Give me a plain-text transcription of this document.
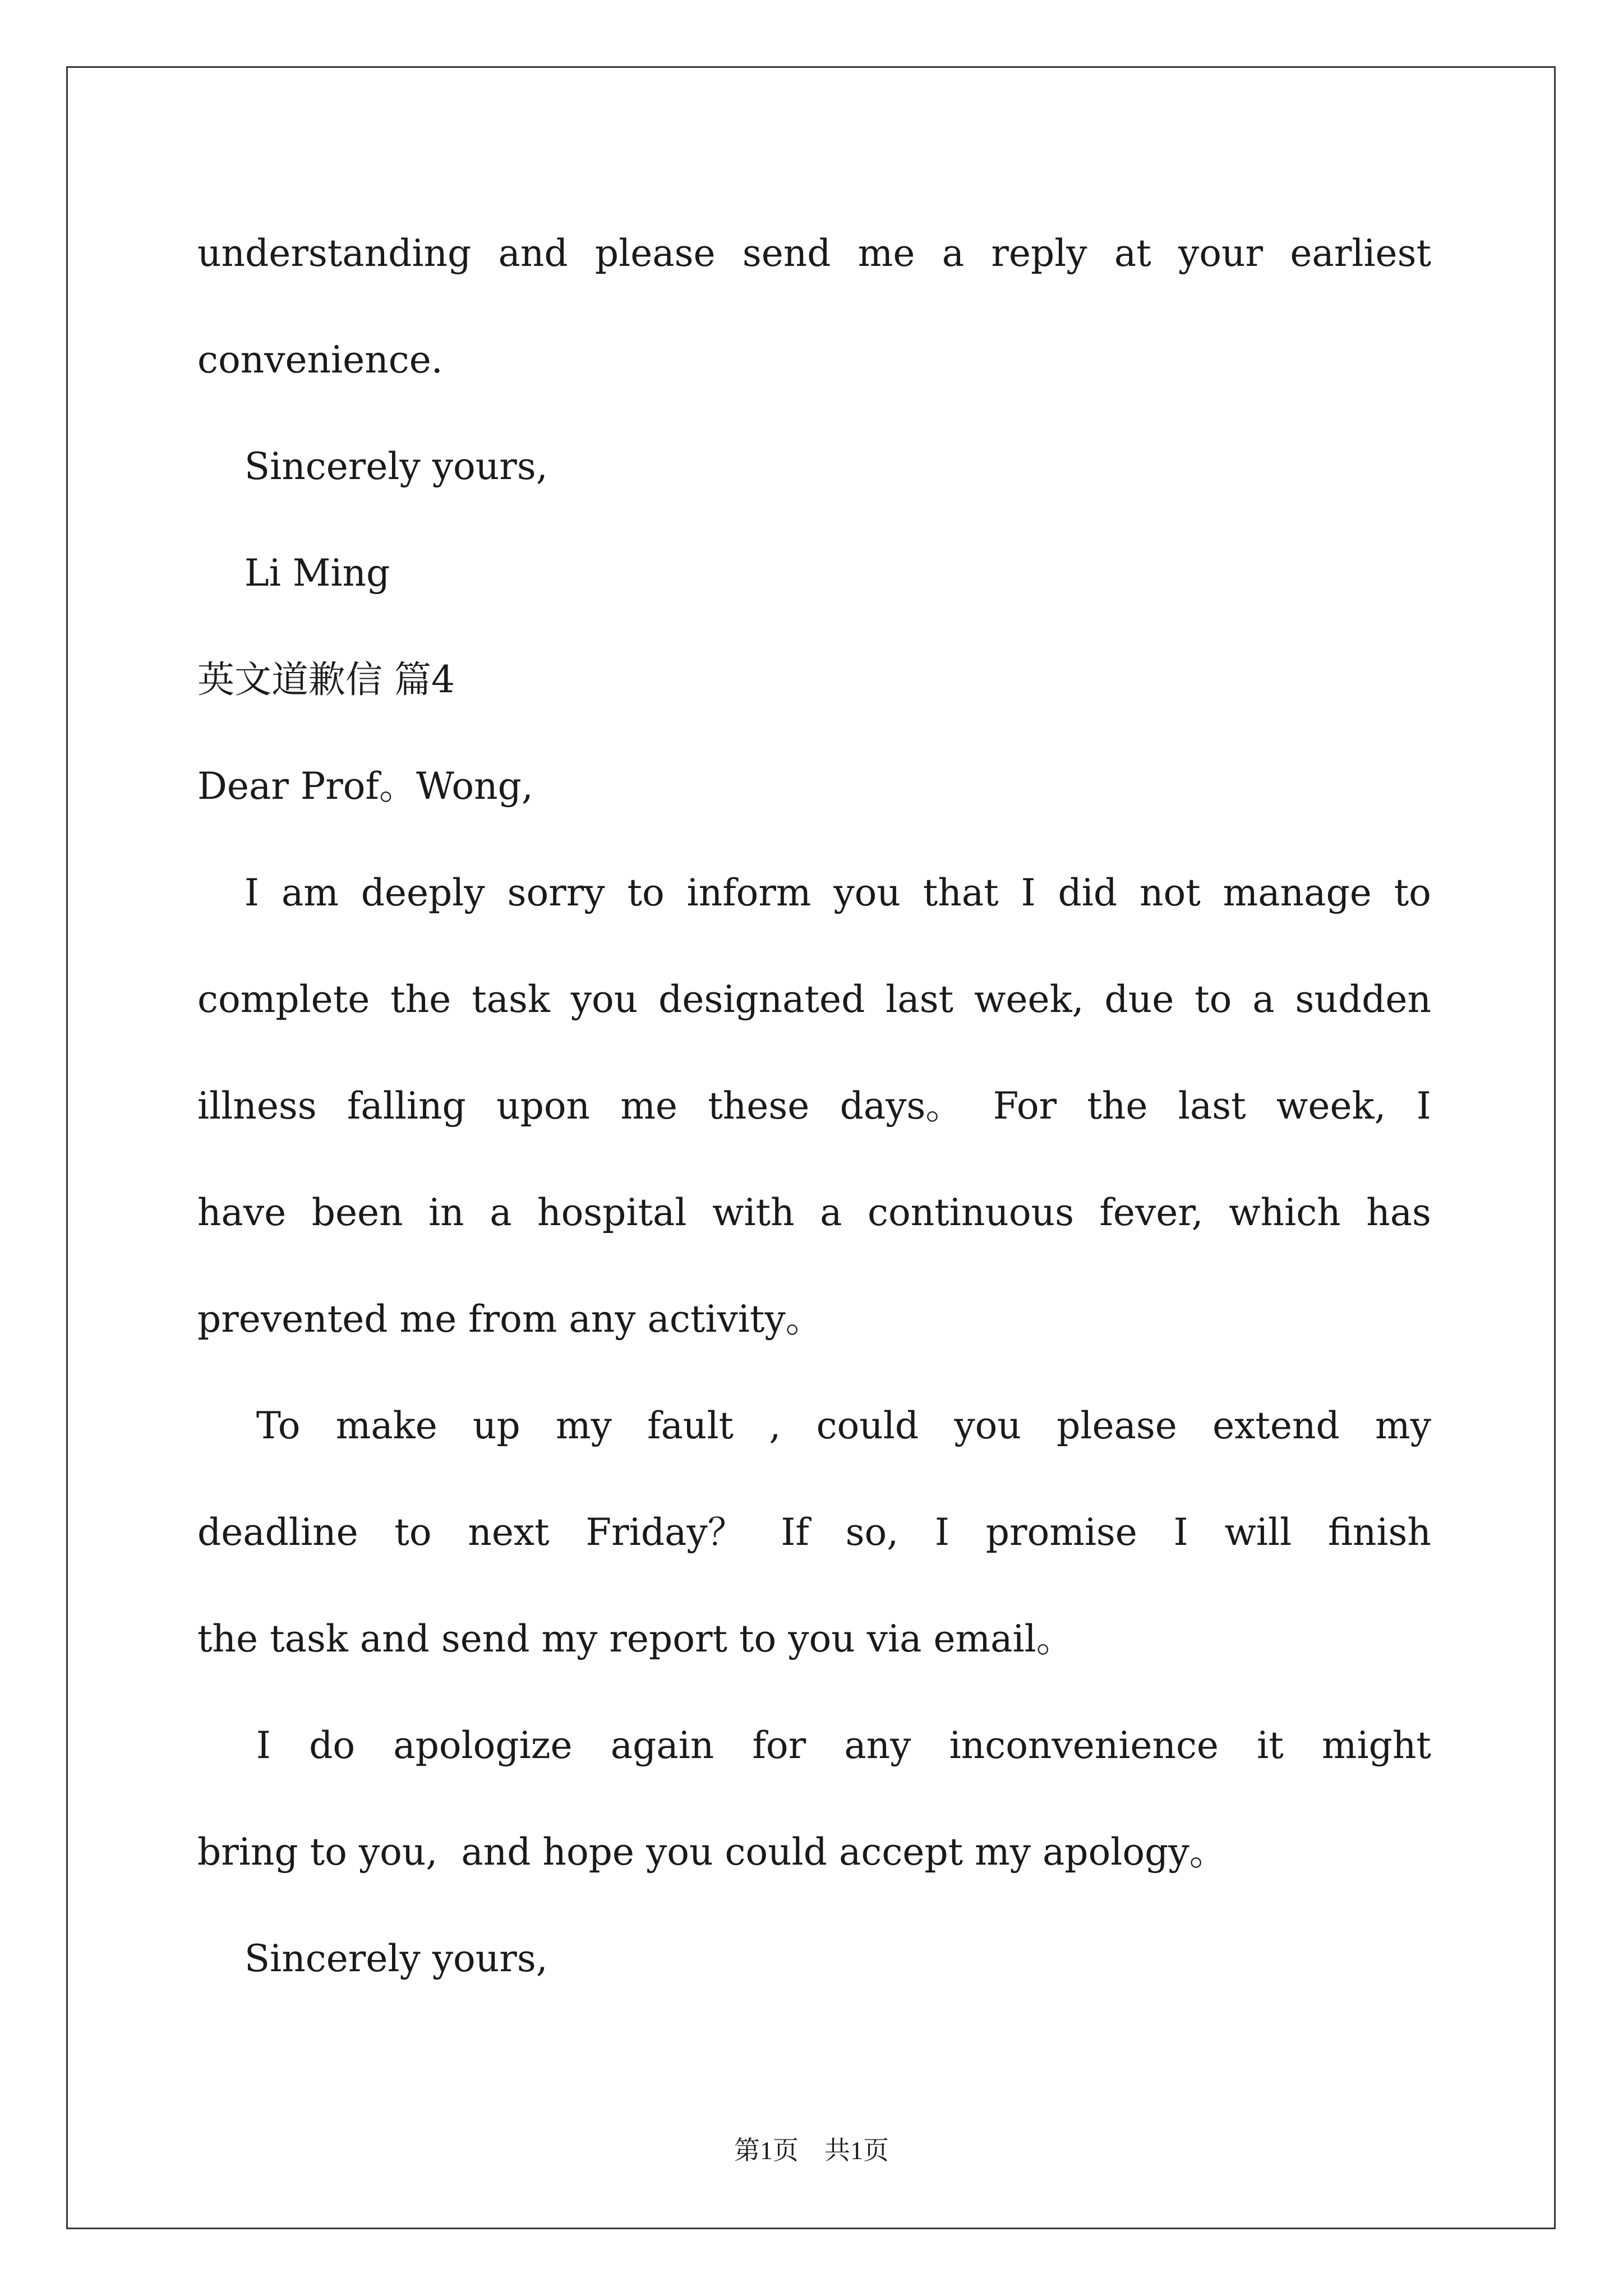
understanding and please send me a reply at your earliest
convenience.
Sincerely yours,
Li Ming
英文道歉信 篇4
Dear Prof。Wong,
I am deeply sorry to inform you that I did not manage to
complete the task you designated last week, due to a sudden
illness falling upon me these days。 For the last week, I
have been in a hospital with a continuous fever, which has
prevented me from any activity。
To make up my fault , could you please extend my
deadline to next Friday？ If so, I promise I will finish
the task and send my report to you via email。
I do apologize again for any inconvenience it might
bring to you,  and hope you could accept my apology。
Sincerely yours,
第1页　共1页
